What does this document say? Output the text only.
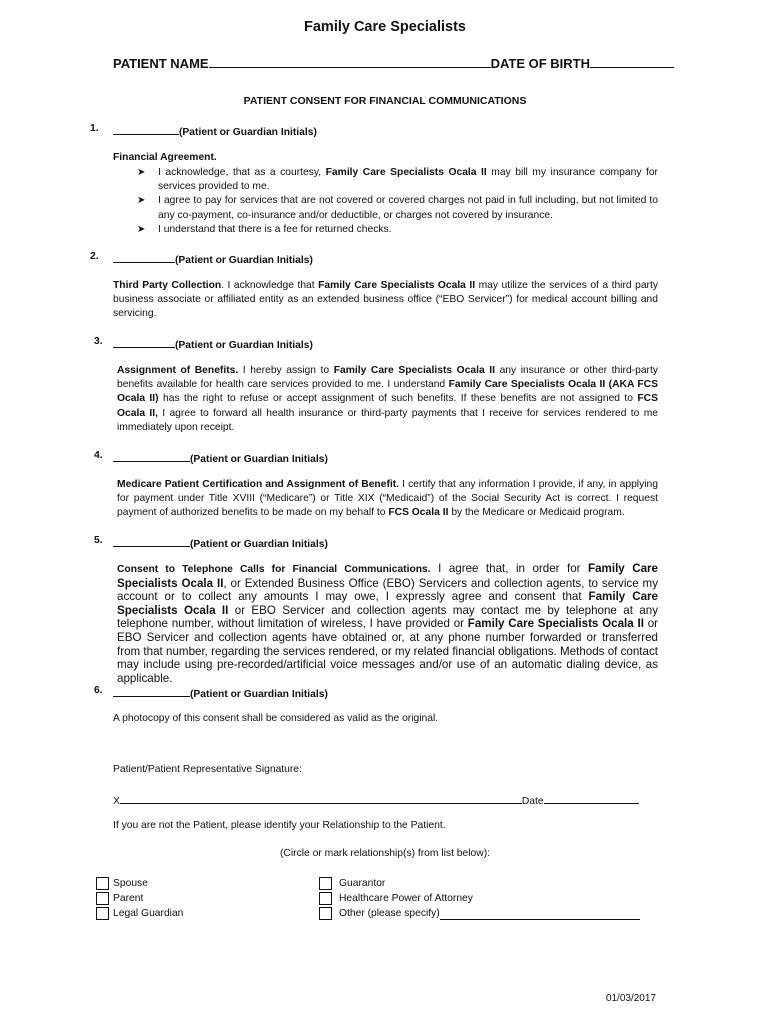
Family Care Specialists
PATIENT NAME	DATE OF BIRTH
PATIENT CONSENT FOR FINANCIAL COMMUNICATIONS
1.	(Patient or Guardian Initials)
Financial Agreement.
➤ I acknowledge, that as a courtesy, Family Care Specialists Ocala II may bill my insurance company for services provided to me.
➤ I agree to pay for services that are not covered or covered charges not paid in full including, but not limited to any co-payment, co-insurance and/or deductible, or charges not covered by insurance.
➤ I understand that there is a fee for returned checks.
2.	(Patient or Guardian Initials)
Third Party Collection. I acknowledge that Family Care Specialists Ocala II may utilize the services of a third party business associate or affiliated entity as an extended business office (“EBO Servicer”) for medical account billing and servicing.
3.	(Patient or Guardian Initials)
Assignment of Benefits. I hereby assign to Family Care Specialists Ocala II any insurance or other third-party benefits available for health care services provided to me. I understand Family Care Specialists Ocala II (AKA FCS Ocala II) has the right to refuse or accept assignment of such benefits. If these benefits are not assigned to FCS Ocala II, I agree to forward all health insurance or third-party payments that I receive for services rendered to me immediately upon receipt.
4.	(Patient or Guardian Initials)
Medicare Patient Certification and Assignment of Benefit. I certify that any information I provide, if any, in applying for payment under Title XVIII (“Medicare”) or Title XIX (“Medicaid”) of the Social Security Act is correct. I request payment of authorized benefits to be made on my behalf to FCS Ocala II by the Medicare or Medicaid program.
5.	(Patient or Guardian Initials)
Consent to Telephone Calls for Financial Communications. I agree that, in order for Family Care Specialists Ocala II, or Extended Business Office (EBO) Servicers and collection agents, to service my account or to collect any amounts I may owe, I expressly agree and consent that Family Care Specialists Ocala II or EBO Servicer and collection agents may contact me by telephone at any telephone number, without limitation of wireless, I have provided or Family Care Specialists Ocala II or EBO Servicer and collection agents have obtained or, at any phone number forwarded or transferred from that number, regarding the services rendered, or my related financial obligations. Methods of contact may include using pre-recorded/artificial voice messages and/or use of an automatic dialing device, as applicable.
6.	(Patient or Guardian Initials)
A photocopy of this consent shall be considered as valid as the original.
Patient/Patient Representative Signature:
X	Date
If you are not the Patient, please identify your Relationship to the Patient.
(Circle or mark relationship(s) from list below):
Spouse
Parent
Legal Guardian
Guarantor
Healthcare Power of Attorney
Other (please specify)
01/03/2017
